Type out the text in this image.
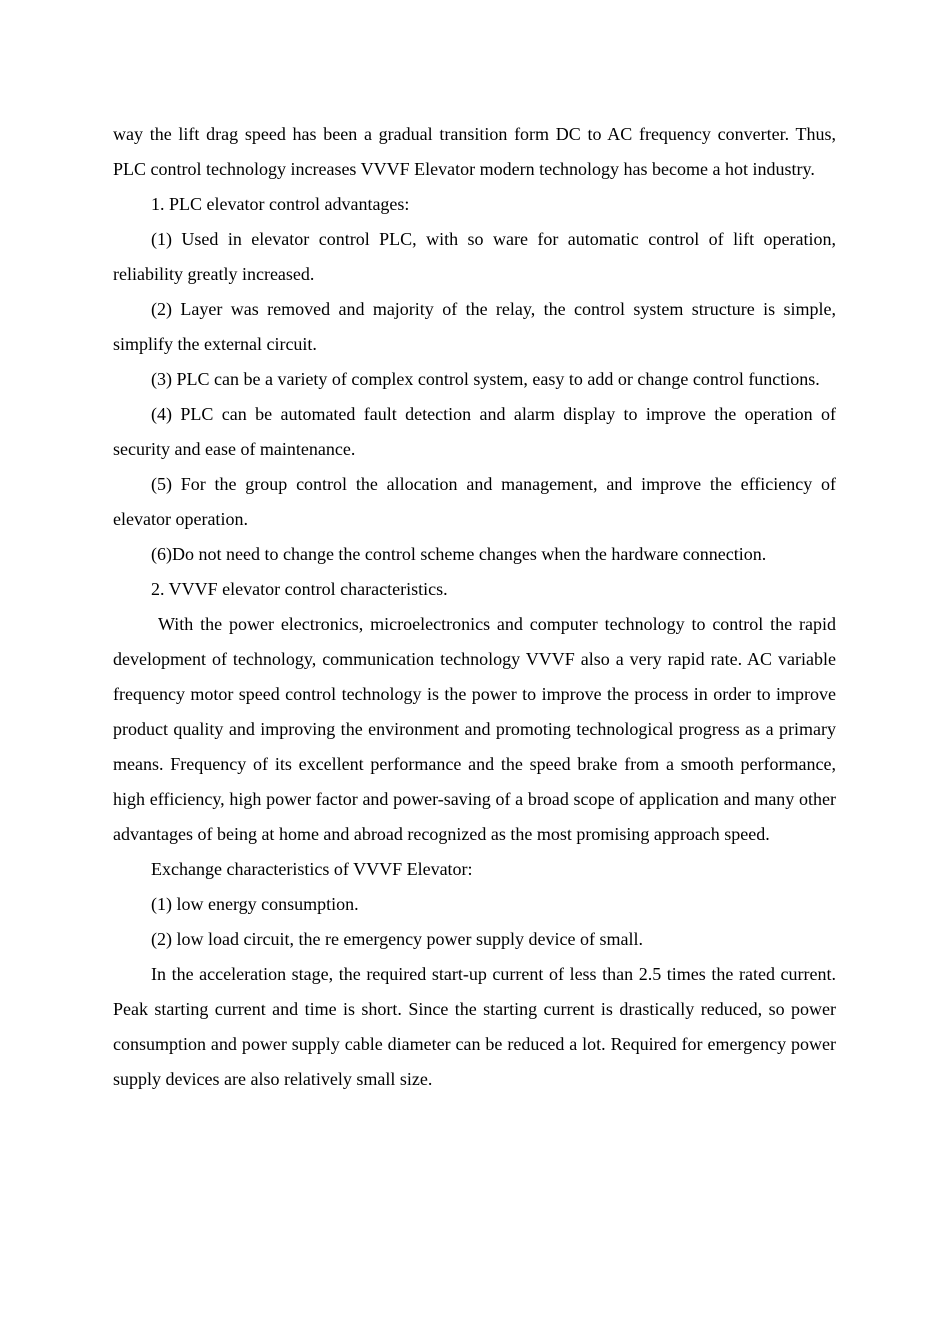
way the lift drag speed has been a gradual transition form DC to AC frequency converter. Thus, PLC control technology increases VVVF Elevator modern technology has become a hot industry.

1. PLC elevator control advantages:

(1) Used in elevator control PLC, with so ware for automatic control of lift operation, reliability greatly increased.

(2) Layer was removed and majority of the relay, the control system structure is simple, simplify the external circuit.

(3) PLC can be a variety of complex control system, easy to add or change control functions.

(4) PLC can be automated fault detection and alarm display to improve the operation of security and ease of maintenance.

(5) For the group control the allocation and management, and improve the efficiency of elevator operation.

(6)Do not need to change the control scheme changes when the hardware connection.

2. VVVF elevator control characteristics.

With the power electronics, microelectronics and computer technology to control the rapid development of technology, communication technology VVVF also a very rapid rate. AC variable frequency motor speed control technology is the power to improve the process in order to improve product quality and improving the environment and promoting technological progress as a primary means. Frequency of its excellent performance and the speed brake from a smooth performance, high efficiency, high power factor and power-saving of a broad scope of application and many other advantages of being at home and abroad recognized as the most promising approach speed.

Exchange characteristics of VVVF Elevator:

(1) low energy consumption.

(2) low load circuit, the re emergency power supply device of small.

In the acceleration stage, the required start-up current of less than 2.5 times the rated current. Peak starting current and time is short. Since the starting current is drastically reduced, so power consumption and power supply cable diameter can be reduced a lot. Required for emergency power supply devices are also relatively small size.
